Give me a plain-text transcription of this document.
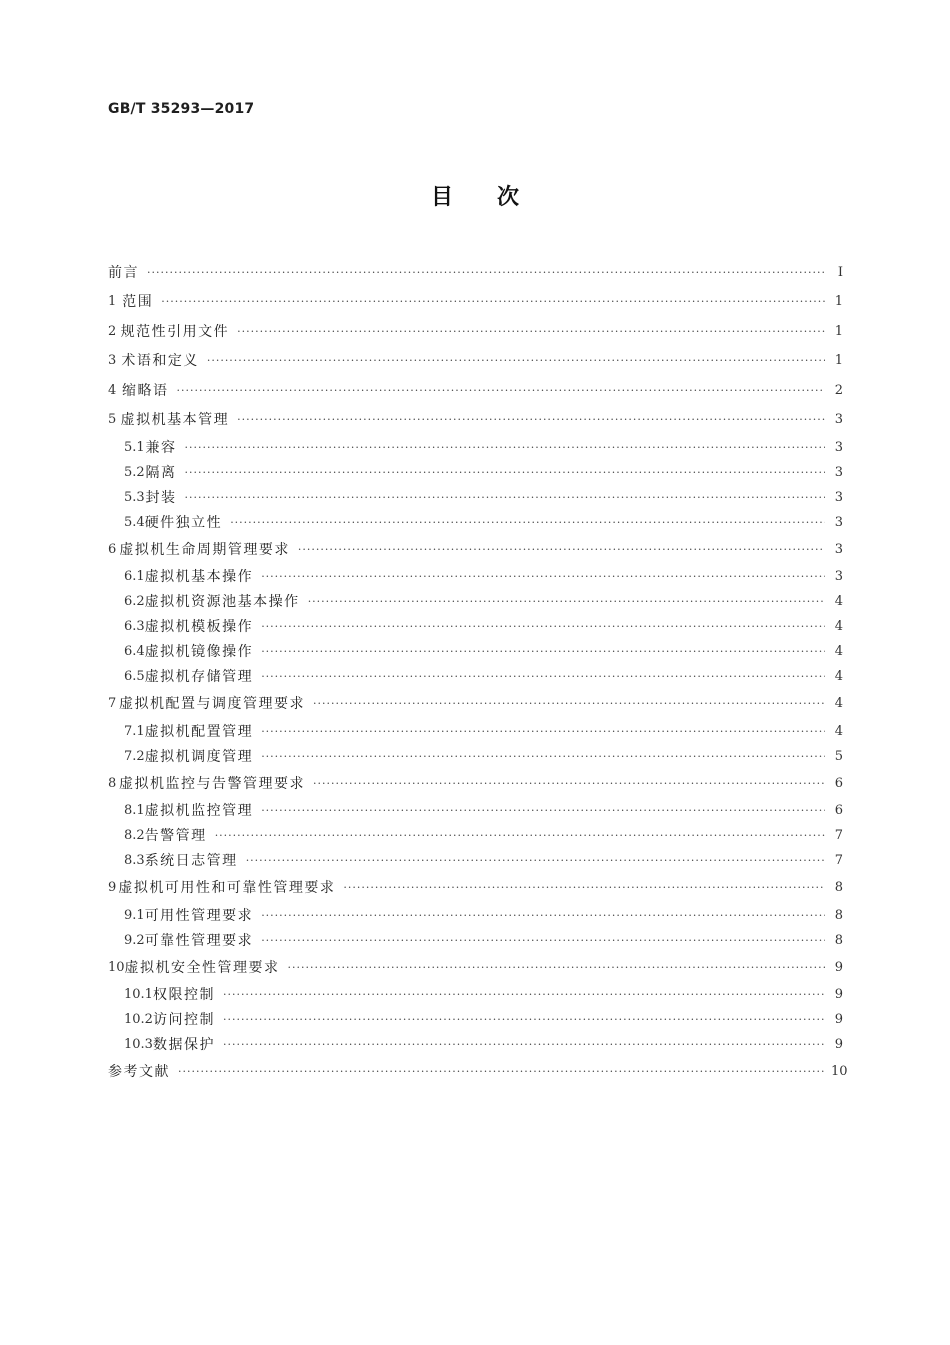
GB/T 35293—2017
目次
前言 ·····	Ⅰ
1 范围 ·····	1
2 规范性引用文件 ·····	1
3 术语和定义 ·····	1
4 缩略语 ·····	2
5 虚拟机基本管理 ·····	3
5.1 兼容 ·····	3
5.2 隔离 ·····	3
5.3 封装 ·····	3
5.4 硬件独立性 ·····	3
6 虚拟机生命周期管理要求 ·····	3
6.1 虚拟机基本操作 ·····	3
6.2 虚拟机资源池基本操作 ·····	4
6.3 虚拟机模板操作 ·····	4
6.4 虚拟机镜像操作 ·····	4
6.5 虚拟机存储管理 ·····	4
7 虚拟机配置与调度管理要求 ·····	4
7.1 虚拟机配置管理 ·····	4
7.2 虚拟机调度管理 ·····	5
8 虚拟机监控与告警管理要求 ·····	6
8.1 虚拟机监控管理 ·····	6
8.2 告警管理 ·····	7
8.3 系统日志管理 ·····	7
9 虚拟机可用性和可靠性管理要求 ·····	8
9.1 可用性管理要求 ·····	8
9.2 可靠性管理要求 ·····	8
10 虚拟机安全性管理要求 ·····	9
10.1 权限控制 ·····	9
10.2 访问控制 ·····	9
10.3 数据保护 ·····	9
参考文献 ·····	10
